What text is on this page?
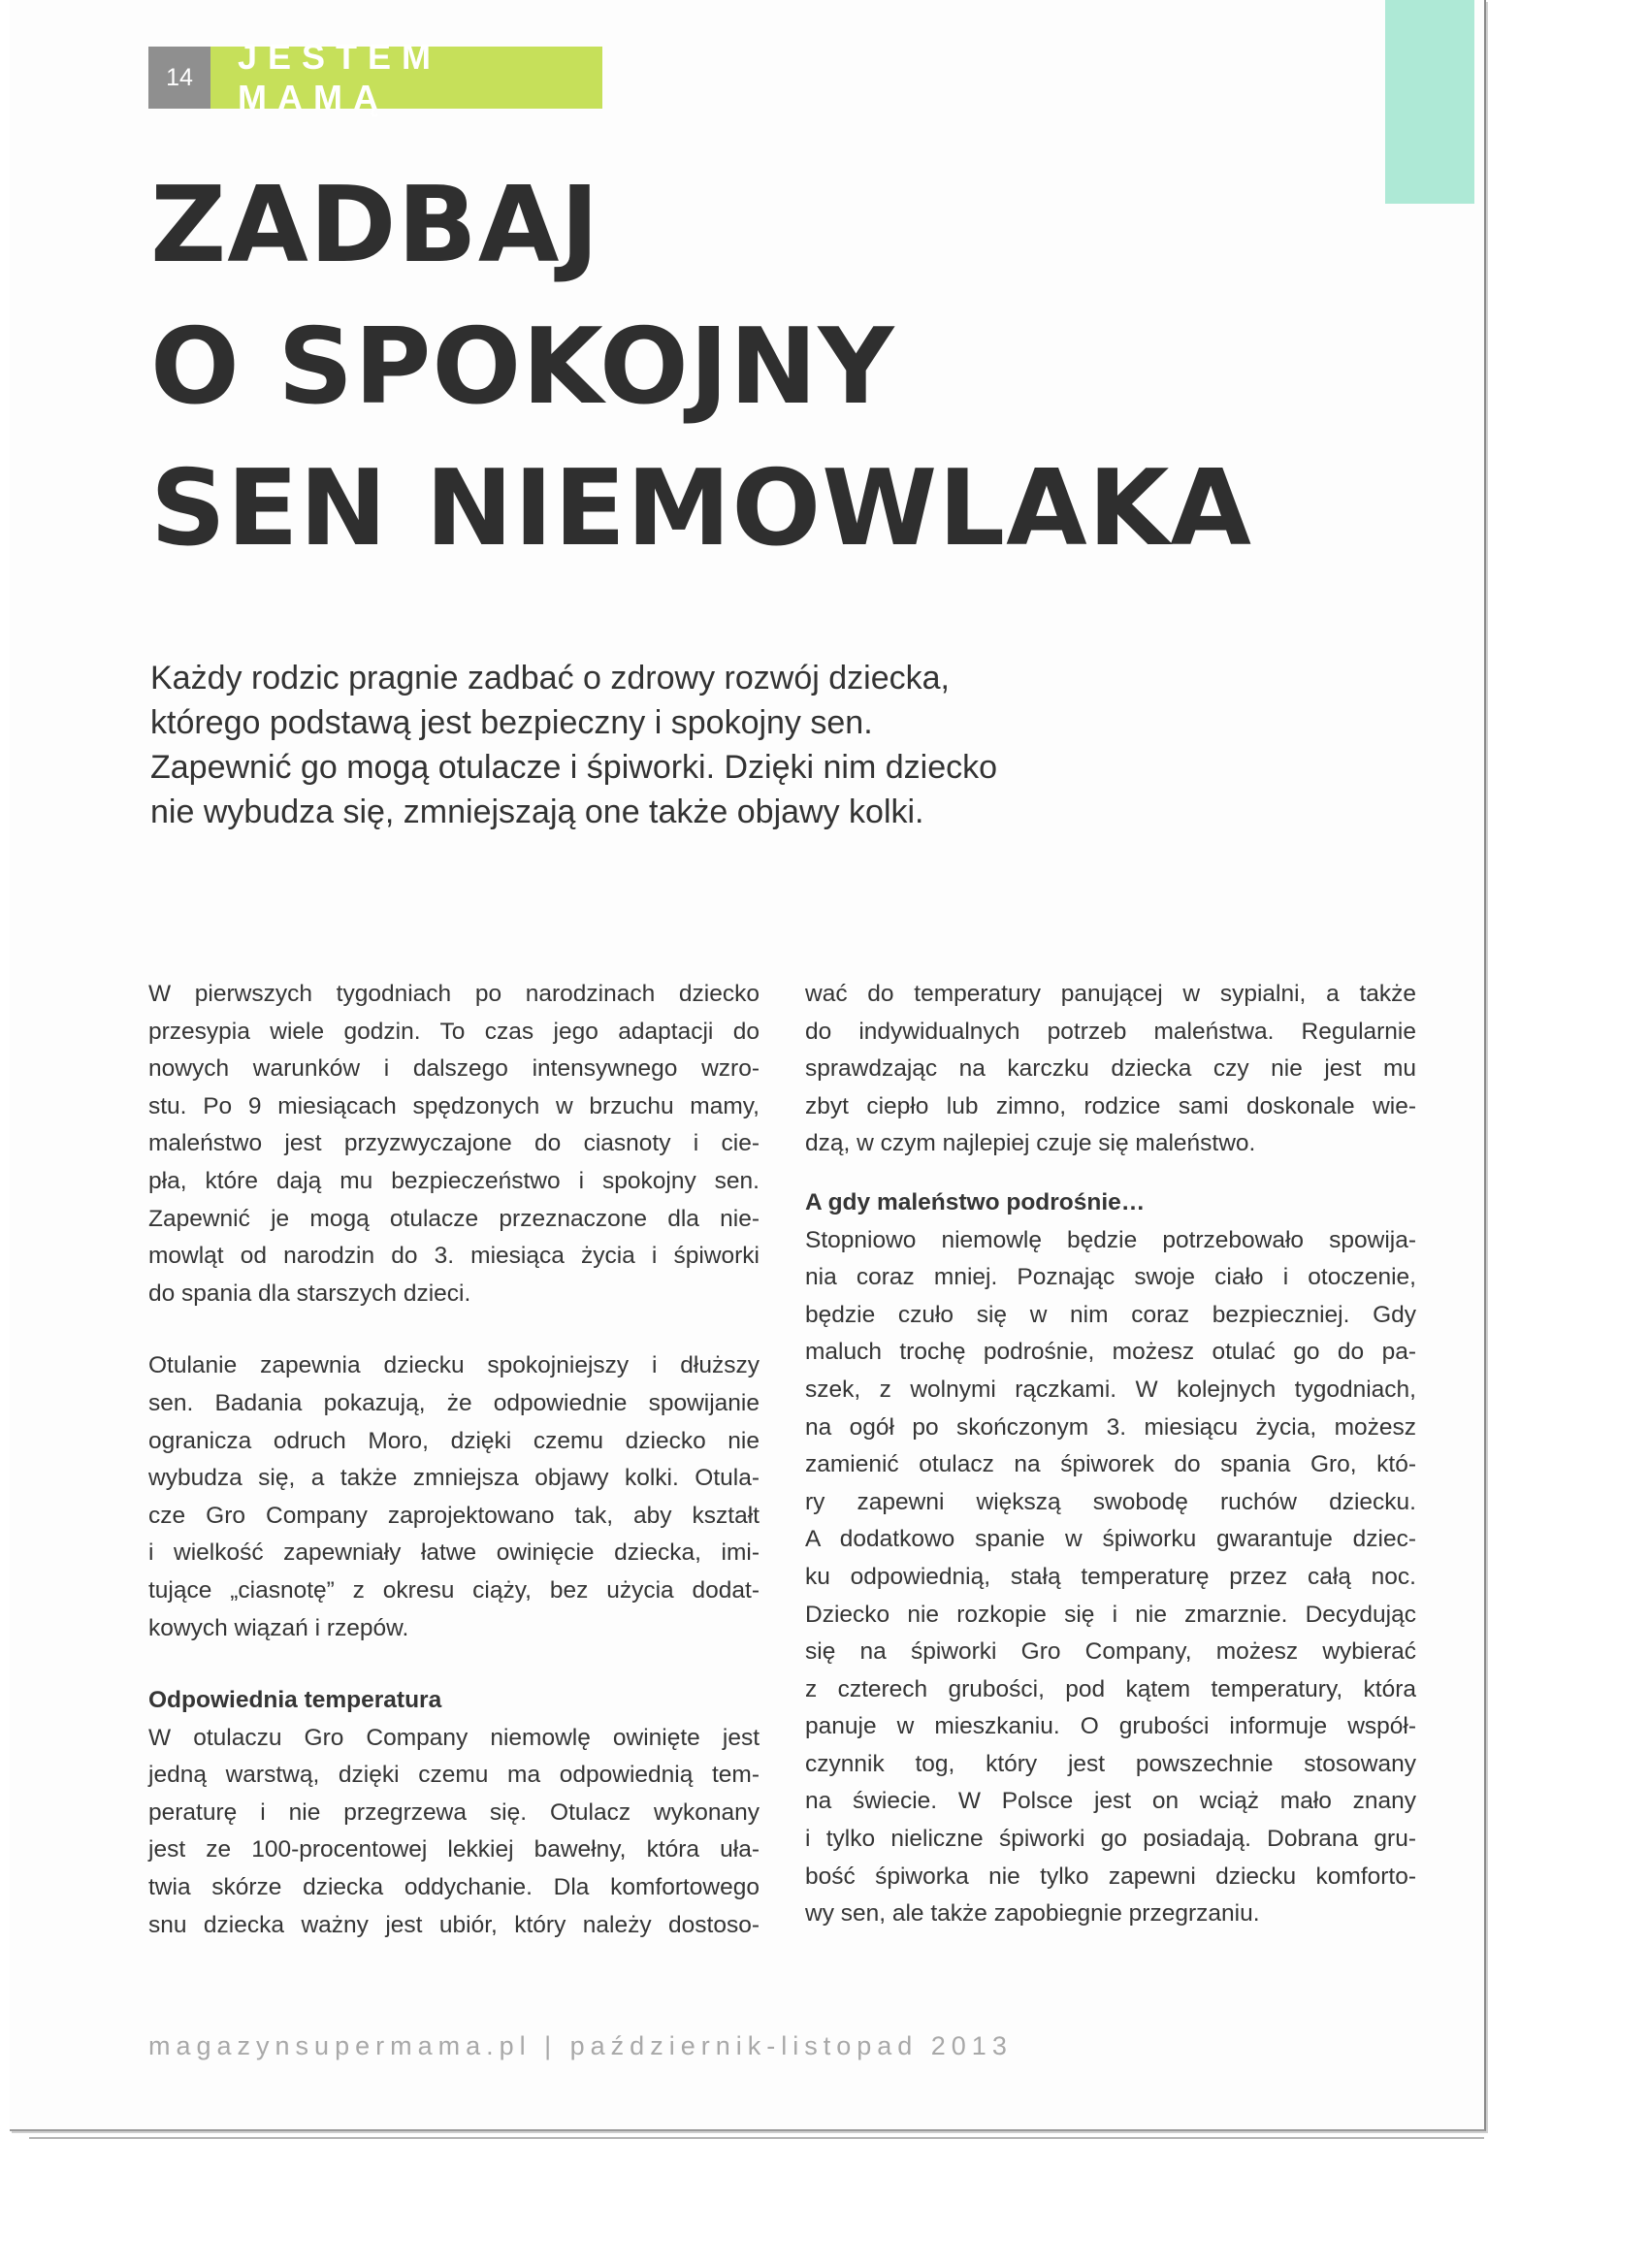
14
JESTEM MAMĄ
ZADBAJ
O SPOKOJNY
SEN NIEMOWLAKA

Każdy rodzic pragnie zadbać o zdrowy rozwój dziecka,
którego podstawą jest bezpieczny i spokojny sen.
Zapewnić go mogą otulacze i śpiworki. Dzięki nim dziecko
nie wybudza się, zmniejszają one także objawy kolki.

W pierwszych tygodniach po narodzinach dziecko
przesypia wiele godzin. To czas jego adaptacji do
nowych warunków i dalszego intensywnego wzro-
stu. Po 9 miesiącach spędzonych w brzuchu mamy,
maleństwo jest przyzwyczajone do ciasnoty i cie-
pła, które dają mu bezpieczeństwo i spokojny sen.
Zapewnić je mogą otulacze przeznaczone dla nie-
mowląt od narodzin do 3. miesiąca życia i śpiworki
do spania dla starszych dzieci.

Otulanie zapewnia dziecku spokojniejszy i dłuższy
sen. Badania pokazują, że odpowiednie spowijanie
ogranicza odruch Moro, dzięki czemu dziecko nie
wybudza się, a także zmniejsza objawy kolki. Otula-
cze Gro Company zaprojektowano tak, aby kształt
i wielkość zapewniały łatwe owinięcie dziecka, imi-
tujące „ciasnotę” z okresu ciąży, bez użycia dodat-
kowych wiązań i rzepów.

Odpowiednia temperatura

W otulaczu Gro Company niemowlę owinięte jest
jedną warstwą, dzięki czemu ma odpowiednią tem-
peraturę i nie przegrzewa się. Otulacz wykonany
jest ze 100-procentowej lekkiej bawełny, która uła-
twia skórze dziecka oddychanie. Dla komfortowego
snu dziecka ważny jest ubiór, który należy dostoso-

wać do temperatury panującej w sypialni, a także
do indywidualnych potrzeb maleństwa. Regularnie
sprawdzając na karczku dziecka czy nie jest mu
zbyt ciepło lub zimno, rodzice sami doskonale wie-
dzą, w czym najlepiej czuje się maleństwo.

A gdy maleństwo podrośnie…

Stopniowo niemowlę będzie potrzebowało spowija-
nia coraz mniej. Poznając swoje ciało i otoczenie,
będzie czuło się w nim coraz bezpieczniej. Gdy
maluch trochę podrośnie, możesz otulać go do pa-
szek, z wolnymi rączkami. W kolejnych tygodniach,
na ogół po skończonym 3. miesiącu życia, możesz
zamienić otulacz na śpiworek do spania Gro, któ-
ry zapewni większą swobodę ruchów dziecku.
A dodatkowo spanie w śpiworku gwarantuje dziec-
ku odpowiednią, stałą temperaturę przez całą noc.
Dziecko nie rozkopie się i nie zmarznie. Decydując
się na śpiworki Gro Company, możesz wybierać
z czterech grubości, pod kątem temperatury, która
panuje w mieszkaniu. O grubości informuje współ-
czynnik tog, który jest powszechnie stosowany
na świecie. W Polsce jest on wciąż mało znany
i tylko nieliczne śpiworki go posiadają. Dobrana gru-
bość śpiworka nie tylko zapewni dziecku komforto-
wy sen, ale także zapobiegnie przegrzaniu.

magazynsupermama.pl | październik-listopad 2013
